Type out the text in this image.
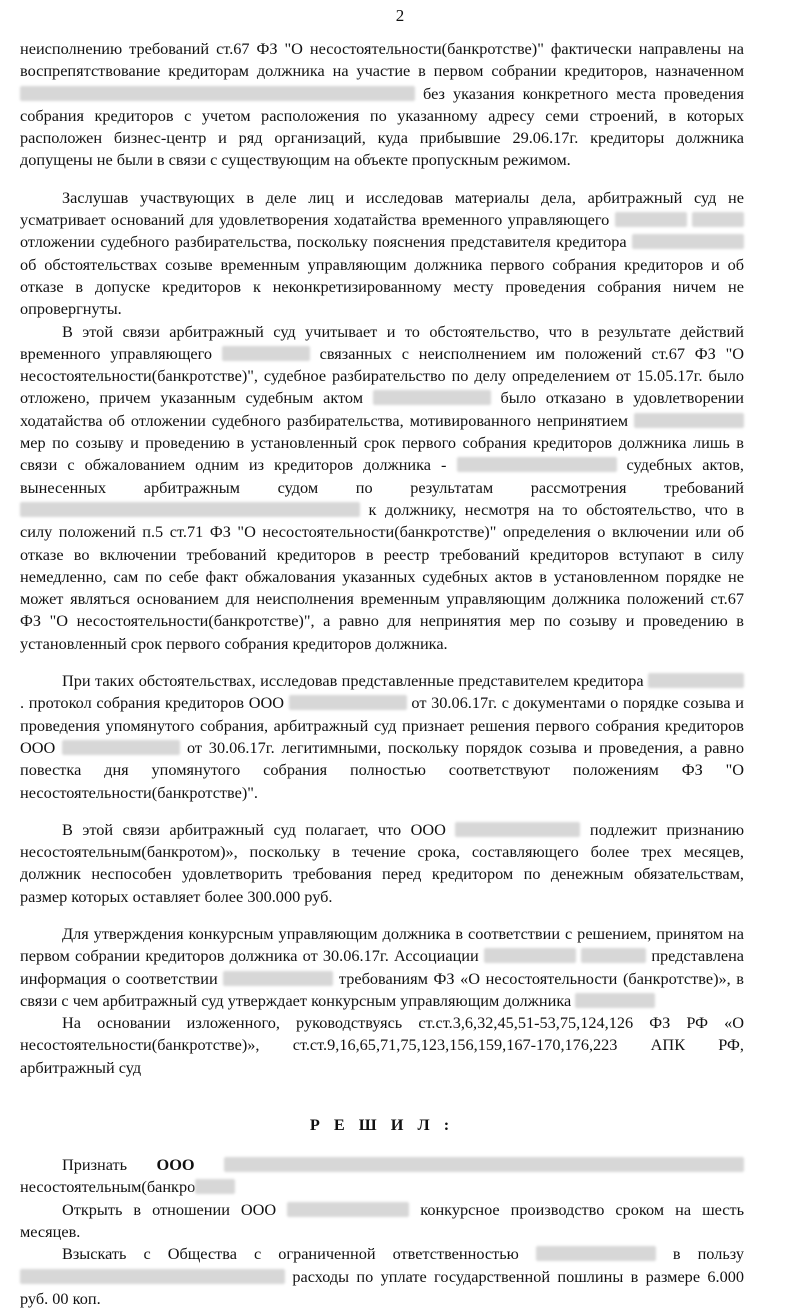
2

неисполнению требований ст.67 ФЗ "О несостоятельности(банкротстве)" фактически направлены на воспрепятствование кредиторам должника на участие в первом собрании кредиторов, назначенном  без указания конкретного места проведения собрания кредиторов с учетом расположения по указанному адресу семи строений, в которых расположен бизнес-центр и ряд организаций, куда прибывшие 29.06.17г. кредиторы должника допущены не были в связи с существующим на объекте пропускным режимом.

Заслушав участвующих в деле лиц и исследовав материалы дела, арбитражный суд не усматривает оснований для удовлетворения ходатайства временного управляющего   отложении судебного разбирательства, поскольку пояснения представителя кредитора  об обстоятельствах созыве временным управляющим должника первого собрания кредиторов и об отказе в допуске кредиторов к неконкретизированному месту проведения собрания ничем не опровергнуты.

В этой связи арбитражный суд учитывает и то обстоятельство, что в результате действий временного управляющего	связанных с неисполнением им положений ст.67 ФЗ "О несостоятельности(банкротстве)", судебное разбирательство по делу определением от 15.05.17г. было отложено, причем указанным судебным актом	было отказано в удовлетворении ходатайства об отложении судебного разбирательства, мотивированного непринятием  мер по созыву и проведению в установленный срок первого собрания кредиторов должника лишь в связи с обжалованием одним из кредиторов должника -	судебных актов, вынесенных арбитражным судом по результатам рассмотрения требований  к должнику, несмотря на то обстоятельство, что в силу положений п.5 ст.71 ФЗ "О несостоятельности(банкротстве)" определения о включении или об отказе во включении требований кредиторов в реестр требований кредиторов вступают в силу немедленно, сам по себе факт обжалования указанных судебных актов в установленном порядке не может являться основанием для неисполнения временным управляющим должника положений ст.67 ФЗ "О несостоятельности(банкротстве)", а равно для непринятия мер по созыву и проведению в установленный срок первого собрания кредиторов должника.

При таких обстоятельствах, исследовав представленные представителем кредитора . протокол собрания кредиторов ООО	от 30.06.17г. с документами о порядке созыва и проведения упомянутого собрания, арбитражный суд признает решения первого собрания кредиторов ООО	от 30.06.17г. легитимными, поскольку порядок созыва и проведения, а равно повестка дня упомянутого собрания полностью соответствуют положениям ФЗ "О несостоятельности(банкротстве)".

В этой связи арбитражный суд полагает, что ООО	подлежит признанию несостоятельным(банкротом)», поскольку в течение срока, составляющего более трех месяцев, должник неспособен удовлетворить требования перед кредитором по денежным обязательствам, размер которых оставляет более 300.000 руб.

Для утверждения конкурсным управляющим должника в соответствии с решением, принятом на первом собрании кредиторов должника от 30.06.17г. Ассоциации	представлена информация о соответствии	требованиям ФЗ «О несостоятельности (банкротстве)», в связи с чем арбитражный суд утверждает конкурсным управляющим должника

На основании изложенного, руководствуясь ст.ст.3,6,32,45,51-53,75,124,126 ФЗ РФ «О несостоятельности(банкротстве)», ст.ст.9,16,65,71,75,123,156,159,167-170,176,223 АПК РФ, арбитражный суд

Р Е Ш И Л :

Признать ООО  несостоятельным(банкро

Открыть в отношении ООО	конкурсное производство сроком на шесть месяцев.

Взыскать с Общества с ограниченной ответственностью	в пользу  расходы по уплате государственной пошлины в размере 6.000 руб. 00 коп.
